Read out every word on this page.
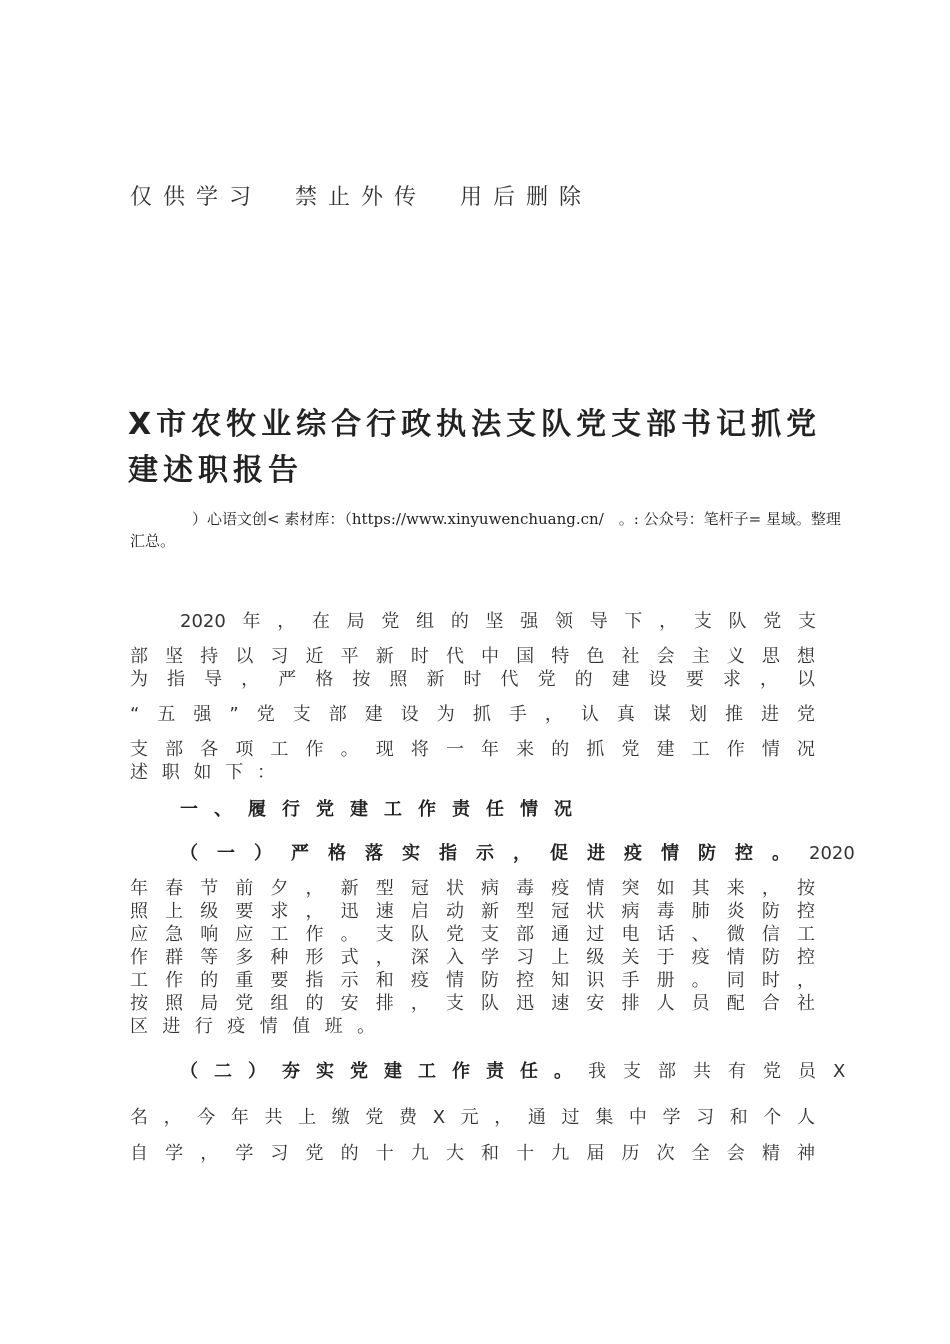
仅供学习　禁止外传　用后删除
X市农牧业综合行政执法支队党支部书记抓党建述职报告
）心语文创< 素材库：（https://www.xinyuwenchuang.cn/　。: 公众号：笔杆子= 星域。整理汇总。
2020年，在局党组的坚强领导下，支队党支
部坚持以习近平新时代中国特色社会主义思想
为指导，严格按照新时代党的建设要求，以
“五强”党支部建设为抓手，认真谋划推进党
支部各项工作。现将一年来的抓党建工作情况
述职如下：
一、履行党建工作责任情况
（一）严格落实指示，促进疫情防控。 2020
年春节前夕，新型冠状病毒疫情突如其来，按
照上级要求，迅速启动新型冠状病毒肺炎防控
应急响应工作。支队党支部通过电话、微信工
作群等多种形式，深入学习上级关于疫情防控
工作的重要指示和疫情防控知识手册。同时，
按照局党组的安排，支队迅速安排人员配合社
区进行疫情值班。
（二）夯实党建工作责任。 我支部共有党员X
名，今年共上缴党费X元，通过集中学习和个人
自学，学习党的十九大和十九届历次全会精神
